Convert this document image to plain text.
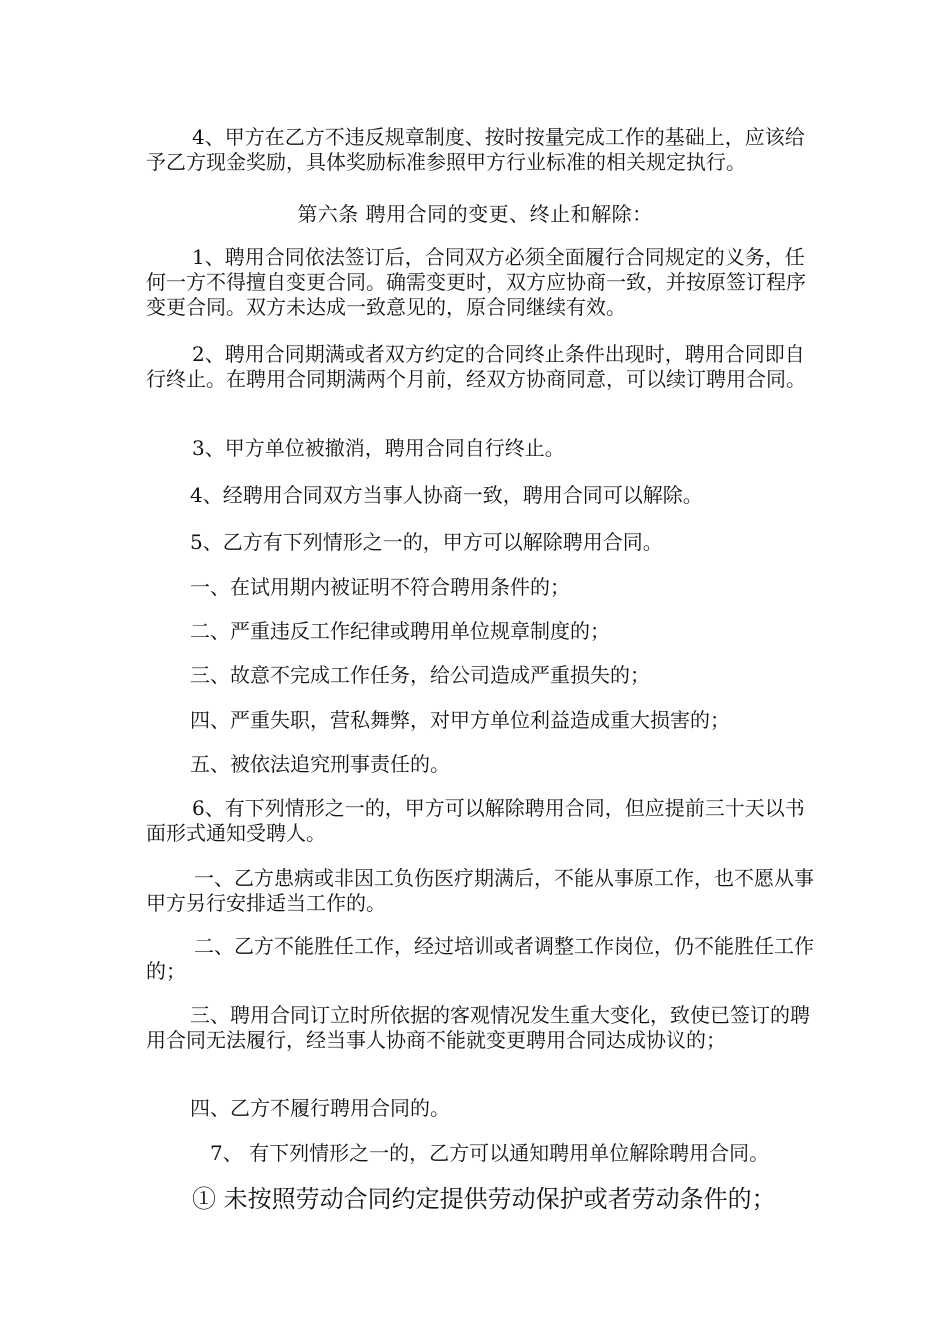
4、甲方在乙方不违反规章制度、按时按量完成工作的基础上，应该给予乙方现金奖励，具体奖励标准参照甲方行业标准的相关规定执行。

第六条 聘用合同的变更、终止和解除：

1、聘用合同依法签订后，合同双方必须全面履行合同规定的义务，任何一方不得擅自变更合同。确需变更时，双方应协商一致，并按原签订程序变更合同。双方未达成一致意见的，原合同继续有效。

2、聘用合同期满或者双方约定的合同终止条件出现时，聘用合同即自行终止。在聘用合同期满两个月前，经双方协商同意，可以续订聘用合同。

3、甲方单位被撤消，聘用合同自行终止。

4、经聘用合同双方当事人协商一致，聘用合同可以解除。

5、乙方有下列情形之一的，甲方可以解除聘用合同。

一、在试用期内被证明不符合聘用条件的；

二、严重违反工作纪律或聘用单位规章制度的；

三、故意不完成工作任务，给公司造成严重损失的；

四、严重失职，营私舞弊，对甲方单位利益造成重大损害的；

五、被依法追究刑事责任的。

6、有下列情形之一的，甲方可以解除聘用合同，但应提前三十天以书面形式通知受聘人。

一、乙方患病或非因工负伤医疗期满后，不能从事原工作，也不愿从事甲方另行安排适当工作的。

二、乙方不能胜任工作，经过培训或者调整工作岗位，仍不能胜任工作的；

三、聘用合同订立时所依据的客观情况发生重大变化，致使已签订的聘用合同无法履行，经当事人协商不能就变更聘用合同达成协议的；

四、乙方不履行聘用合同的。

7、 有下列情形之一的，乙方可以通知聘用单位解除聘用合同。

① 未按照劳动合同约定提供劳动保护或者劳动条件的；
